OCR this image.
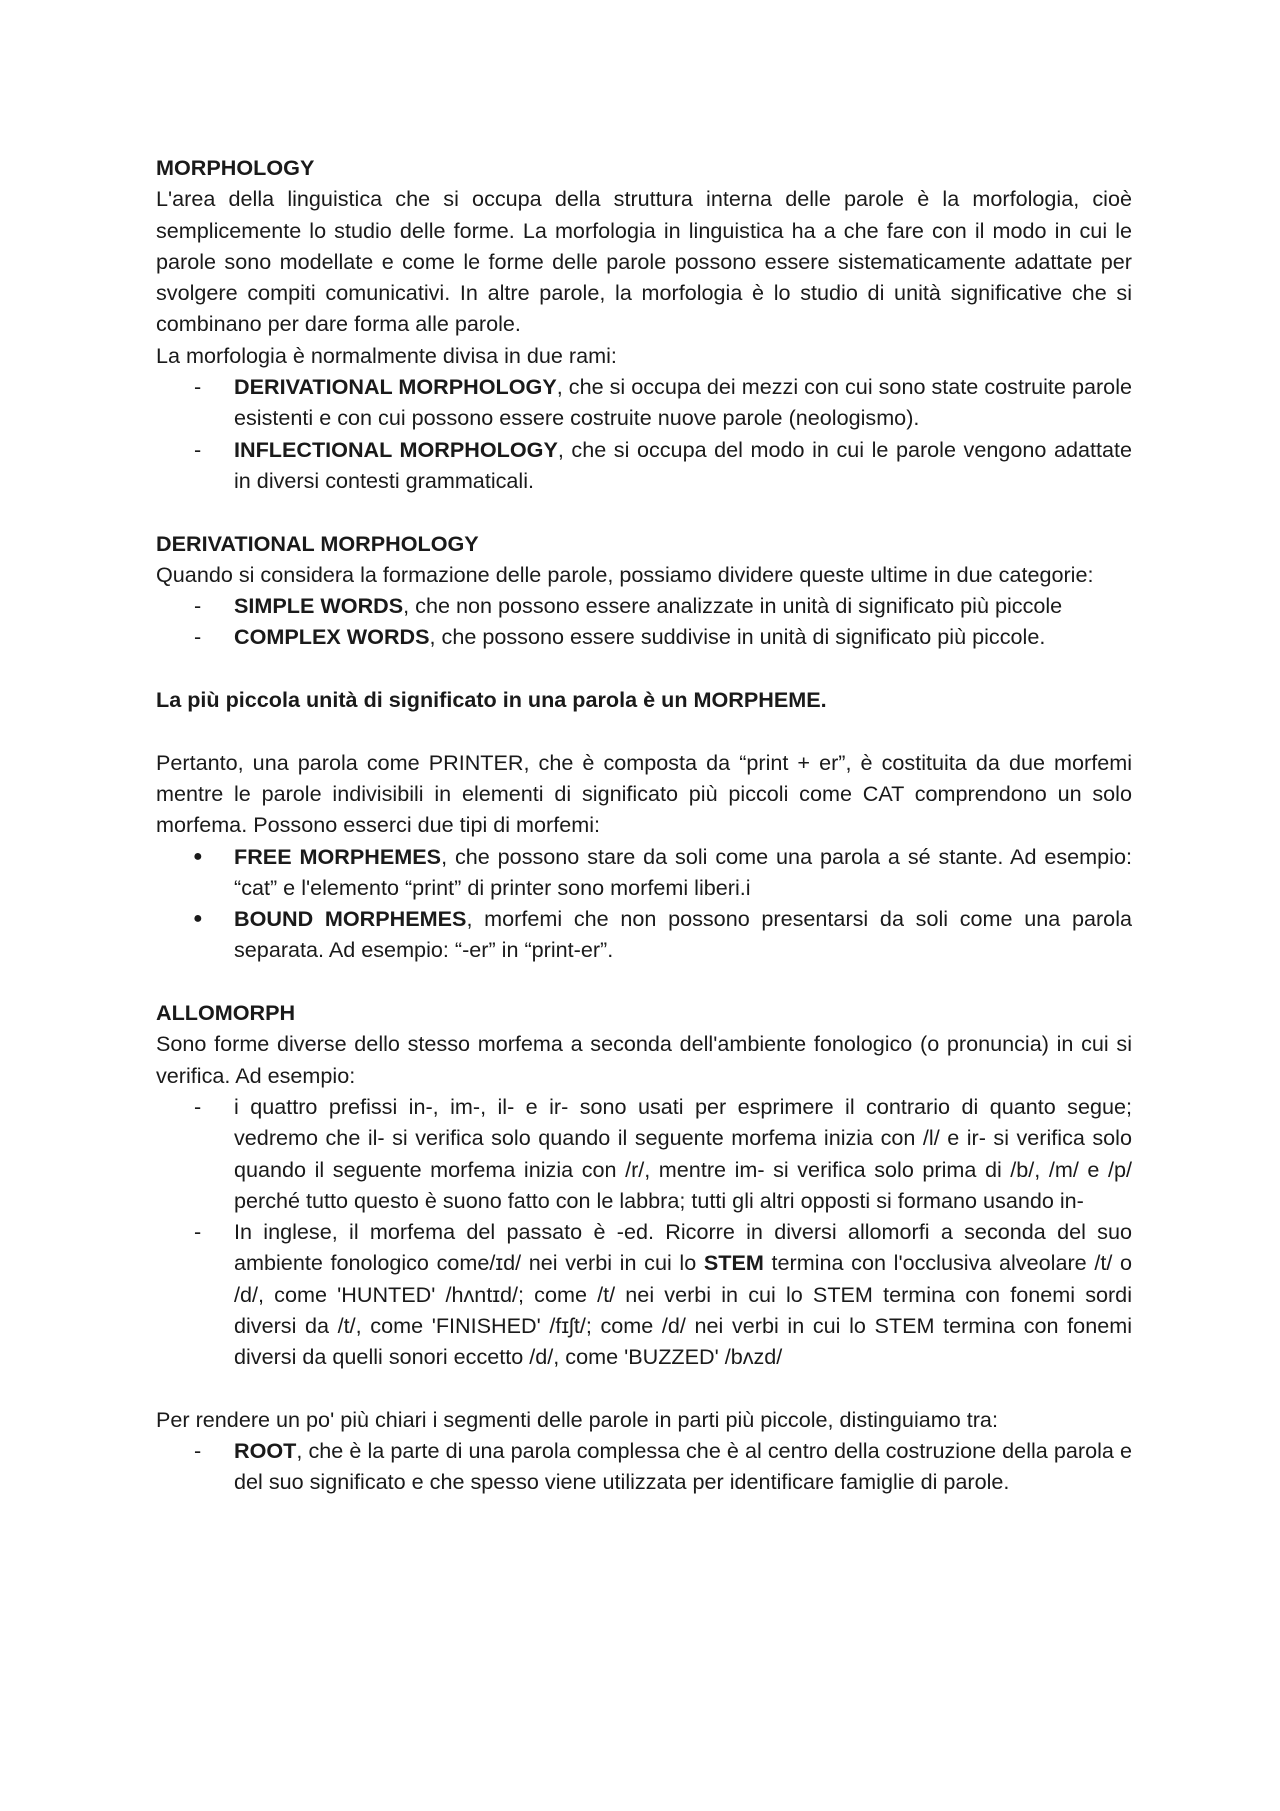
MORPHOLOGY

L'area della linguistica che si occupa della struttura interna delle parole è la morfologia, cioè semplicemente lo studio delle forme. La morfologia in linguistica ha a che fare con il modo in cui le parole sono modellate e come le forme delle parole possono essere sistematicamente adattate per svolgere compiti comunicativi. In altre parole, la morfologia è lo studio di unità significative che si combinano per dare forma alle parole.

La morfologia è normalmente divisa in due rami:

- DERIVATIONAL MORPHOLOGY, che si occupa dei mezzi con cui sono state costruite parole esistenti e con cui possono essere costruite nuove parole (neologismo).
- INFLECTIONAL MORPHOLOGY, che si occupa del modo in cui le parole vengono adattate in diversi contesti grammaticali.

DERIVATIONAL MORPHOLOGY

Quando si considera la formazione delle parole, possiamo dividere queste ultime in due categorie:

- SIMPLE WORDS, che non possono essere analizzate in unità di significato più piccole
- COMPLEX WORDS, che possono essere suddivise in unità di significato più piccole.

La più piccola unità di significato in una parola è un MORPHEME.

Pertanto, una parola come PRINTER, che è composta da “print + er”, è costituita da due morfemi mentre le parole indivisibili in elementi di significato più piccoli come CAT comprendono un solo morfema. Possono esserci due tipi di morfemi:

● FREE MORPHEMES, che possono stare da soli come una parola a sé stante. Ad esempio: “cat” e l'elemento “print” di printer sono morfemi liberi.i
● BOUND MORPHEMES, morfemi che non possono presentarsi da soli come una parola separata. Ad esempio: “-er” in “print-er”.

ALLOMORPH

Sono forme diverse dello stesso morfema a seconda dell'ambiente fonologico (o pronuncia) in cui si verifica. Ad esempio:

- i quattro prefissi in-, im-, il- e ir- sono usati per esprimere il contrario di quanto segue; vedremo che il- si verifica solo quando il seguente morfema inizia con /l/ e ir- si verifica solo quando il seguente morfema inizia con /r/, mentre im- si verifica solo prima di /b/, /m/ e /p/ perché tutto questo è suono fatto con le labbra; tutti gli altri opposti si formano usando in-
- In inglese, il morfema del passato è -ed. Ricorre in diversi allomorfi a seconda del suo ambiente fonologico come/ɪd/ nei verbi in cui lo STEM termina con l'occlusiva alveolare /t/ o /d/, come 'HUNTED' /hʌntɪd/; come /t/ nei verbi in cui lo STEM termina con fonemi sordi diversi da /t/, come 'FINISHED' /fɪʃt/; come /d/ nei verbi in cui lo STEM termina con fonemi diversi da quelli sonori eccetto /d/, come 'BUZZED' /bʌzd/

Per rendere un po' più chiari i segmenti delle parole in parti più piccole, distinguiamo tra:

- ROOT, che è la parte di una parola complessa che è al centro della costruzione della parola e del suo significato e che spesso viene utilizzata per identificare famiglie di parole.
